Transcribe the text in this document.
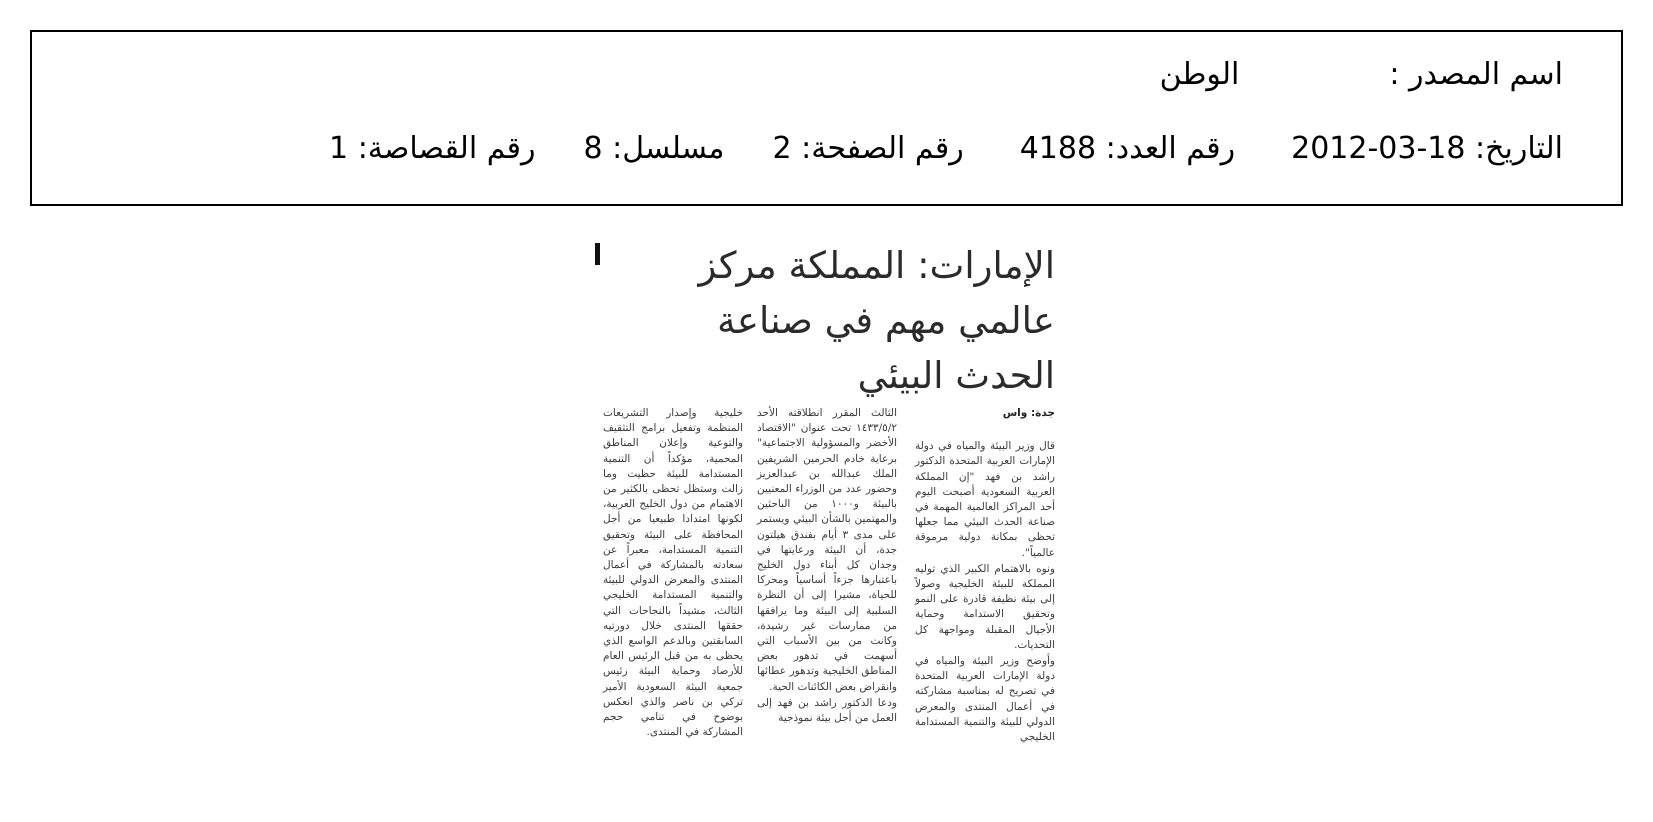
اسم المصدر :الوطن
التاريخ: 2012-03-18رقم العدد: 4188رقم الصفحة: 2مسلسل: 8رقم القصاصة: 1
الإمارات: المملكة مركز عالمي مهم في صناعة الحدث البيئي
جدة: واس

قال وزير البيئة والمياه في دولة الإمارات العربية المتحدة الدكتور راشد بن فهد "إن المملكة العربية السعودية أصبحت اليوم أحد المراكز العالمية المهمة في صناعة الحدث البيئي مما جعلها تحظى بمكانة دولية مرموقة عالمياً".

ونوه بالاهتمام الكبير الذي توليه المملكة للبيئة الخليجية وصولاً إلى بيئة نظيفة قادرة على النمو وتحقيق الاستدامة وحماية الأجيال المقبلة ومواجهة كل التحديات.

وأوضح وزير البيئة والمياه في دولة الإمارات العربية المتحدة في تصريح له بمناسبة مشاركته في أعمال المنتدى والمعرض الدولي للبيئة والتنمية المستدامة الخليجي

الثالث المقرر انطلاقته الأحد ١٤٣٣/٥/٢ تحت عنوان "الاقتصاد الأخضر والمسؤولية الاجتماعية" برعاية خادم الحرمين الشريفين الملك عبدالله بن عبدالعزيز وحضور عدد من الوزراء المعنيين بالبيئة و١٠٠٠ من الباحثين والمهتمين بالشأن البيئي ويستمر على مدى ٣ أيام بفندق هيلتون جدة، أن البيئة ورعايتها في وجدان كل أبناء دول الخليج باعتبارها جزءاً أساسياً ومحركا للحياة، مشيرا إلى أن النظرة السلبية إلى البيئة وما يرافقها من ممارسات غير رشيدة، وكانت من بين الأسباب التي أسهمت في تدهور بعض المناطق الخليجية وتدهور عطائها وانقراض بعض الكائنات الحية.

ودعا الدكتور راشد بن فهد إلى العمل من أجل بيئة نموذجية

خليجية وإصدار التشريعات المنظمة وتفعيل برامج التثقيف والتوعية وإعلان المناطق المحمية، مؤكداً أن التنمية المستدامة للبيئة حظيت وما زالت وستظل تحظى بالكثير من الاهتمام من دول الخليج العربية، لكونها امتدادا طبيعيا من أجل المحافظة على البيئة وتحقيق التنمية المستدامة، معبراً عن سعادته بالمشاركة في أعمال المنتدى والمعرض الدولي للبيئة والتنمية المستدامة الخليجي الثالث، مشيداً بالنجاحات التي حققها المنتدى خلال دورتيه السابقتين وبالدعم الواسع الذي يحظى به من قبل الرئيس العام للأرصاد وحماية البيئة رئيس جمعية البيئة السعودية الأمير تركي بن ناصر والذي انعكس بوضوح في تنامي حجم المشاركة في المنتدى.
